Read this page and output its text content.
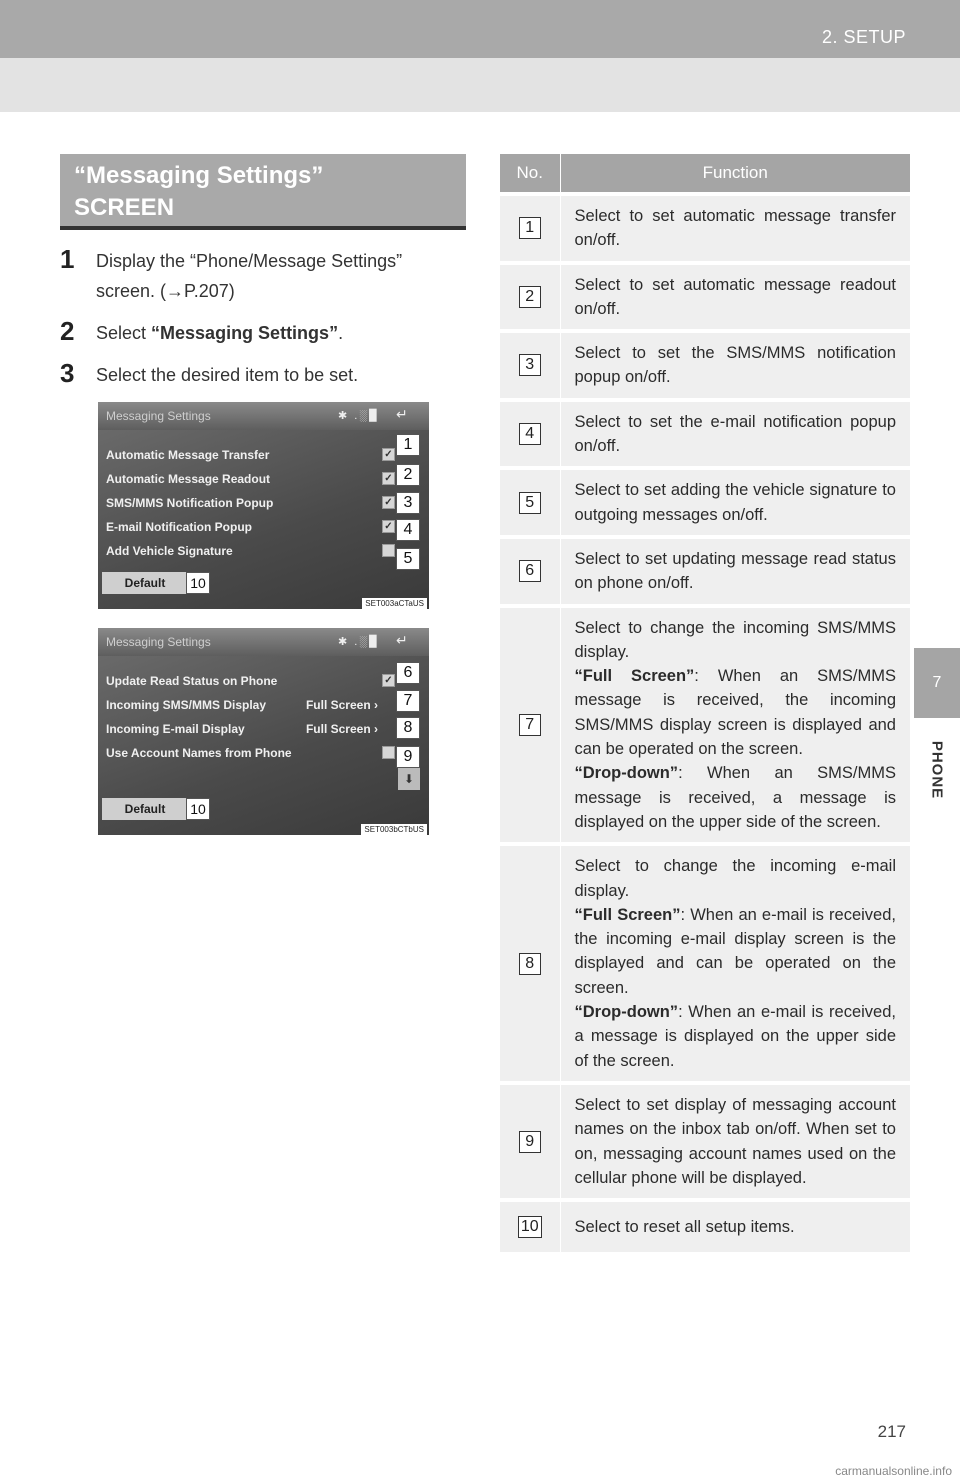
2. SETUP
7
PHONE
“Messaging Settings”
SCREEN
1 Display the “Phone/Message Settings”
screen. (→P.207)
2 Select “Messaging Settings”.
3 Select the desired item to be set.
Messaging Settings	✱ .░▉ ↵
Automatic Message Transfer	✓
1
Automatic Message Readout	✓ 2
SMS/MMS Notification Popup	✓ 3
E-mail Notification Popup	✓ 4
Add Vehicle Signature	5
Default	10
SET003aCTaUS
Messaging Settings	✱ .░▉ ↵
Update Read Status on Phone	✓ 6
Incoming SMS/MMS Display	Full Screen ›	7
Incoming E-mail Display	Full Screen ›	8
Use Account Names from Phone	9
⬇
Default	10
SET003bCTbUS
No.	Function
1	Select to set automatic message transfer on/off.
2	Select to set automatic message readout on/off.
3	Select to set the SMS/MMS notification popup on/off.
4	Select to set the e-mail notification popup on/off.
5	Select to set adding the vehicle signature to outgoing messages on/off.
6	Select to set updating message read status on phone on/off.
7	Select to change the incoming SMS/MMS display.
“Full Screen”: When an SMS/MMS message is received, the incoming SMS/MMS display screen is displayed and can be operated on the screen.
“Drop-down”: When an SMS/MMS message is received, a message is displayed on the upper side of the screen.
8	Select to change the incoming e-mail display.
“Full Screen”: When an e-mail is received, the incoming e-mail display screen is the displayed and can be operated on the screen.
“Drop-down”: When an e-mail is received, a message is displayed on the upper side of the screen.
9	Select to set display of messaging account names on the inbox tab on/off. When set to on, messaging account names used on the cellular phone will be displayed.
10	Select to reset all setup items.
217
carmanualsonline.info
